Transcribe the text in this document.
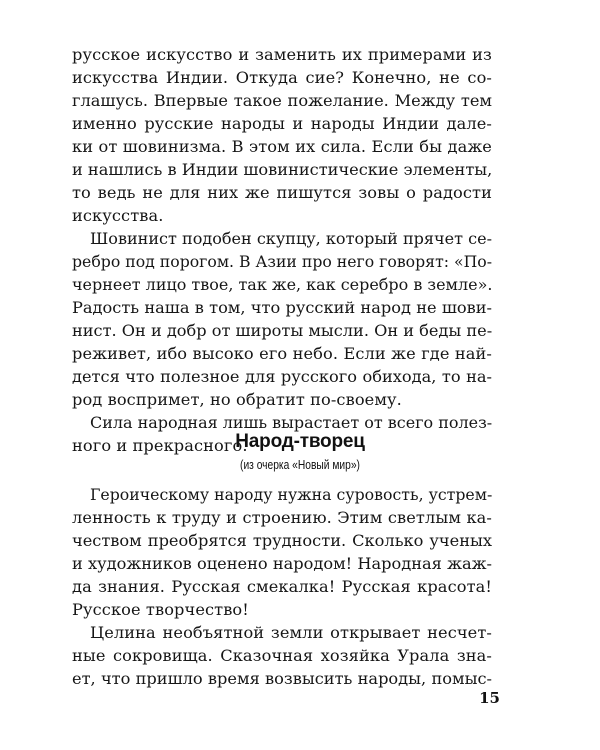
русское искусство и заменить их примерами из
искусства Индии. Откуда сие? Конечно, не со-
глашусь. Впервые такое пожелание. Между тем
именно русские народы и народы Индии дале-
ки от шовинизма. В этом их сила. Если бы даже
и нашлись в Индии шовинистические элементы,
то ведь не для них же пишутся зовы о радости
искусства.
Шовинист подобен скупцу, который прячет се-
ребро под порогом. В Азии про него говорят: «По-
чернеет лицо твое, так же, как серебро в земле».
Радость наша в том, что русский народ не шови-
нист. Он и добр от широты мысли. Он и беды пе-
реживет, ибо высоко его небо. Если же где най-
дется что полезное для русского обихода, то на-
род воспримет, но обратит по-своему.
Сила народная лишь вырастает от всего полез-
ного и прекрасного.
Народ-творец
(из очерка «Новый мир»)
Героическому народу нужна суровость, устрем-
ленность к труду и строению. Этим светлым ка-
чеством преобрятся трудности. Сколько ученых
и художников оценено народом! Народная жаж-
да знания. Русская смекалка! Русская красота!
Русское творчество!
Целина необъятной земли открывает несчет-
ные сокровища. Сказочная хозяйка Урала зна-
ет, что пришло время возвысить народы, помыс-
15
